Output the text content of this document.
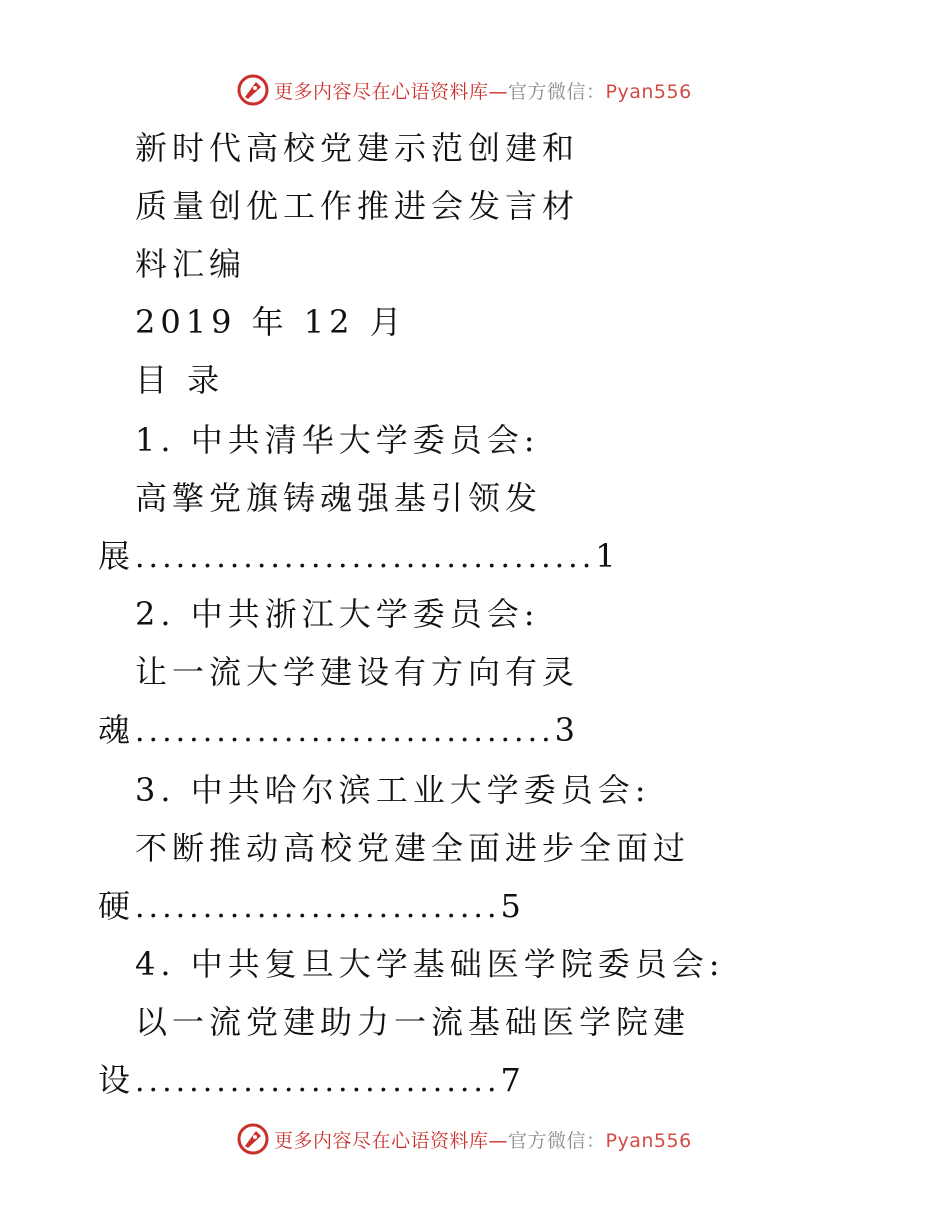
更多内容尽在心语资料库—官方微信：Pyan556
新时代高校党建示范创建和
质量创优工作推进会发言材
料汇编
2019 年 12 月
目 录
1. 中共清华大学委员会:
高擎党旗铸魂强基引领发
展 .................................. 1
2. 中共浙江大学委员会:
让一流大学建设有方向有灵
魂 ............................... 3
3. 中共哈尔滨工业大学委员会:
不断推动高校党建全面进步全面过
硬 ........................... 5
4. 中共复旦大学基础医学院委员会:
以一流党建助力一流基础医学院建
设 ........................... 7
更多内容尽在心语资料库—官方微信：Pyan556
